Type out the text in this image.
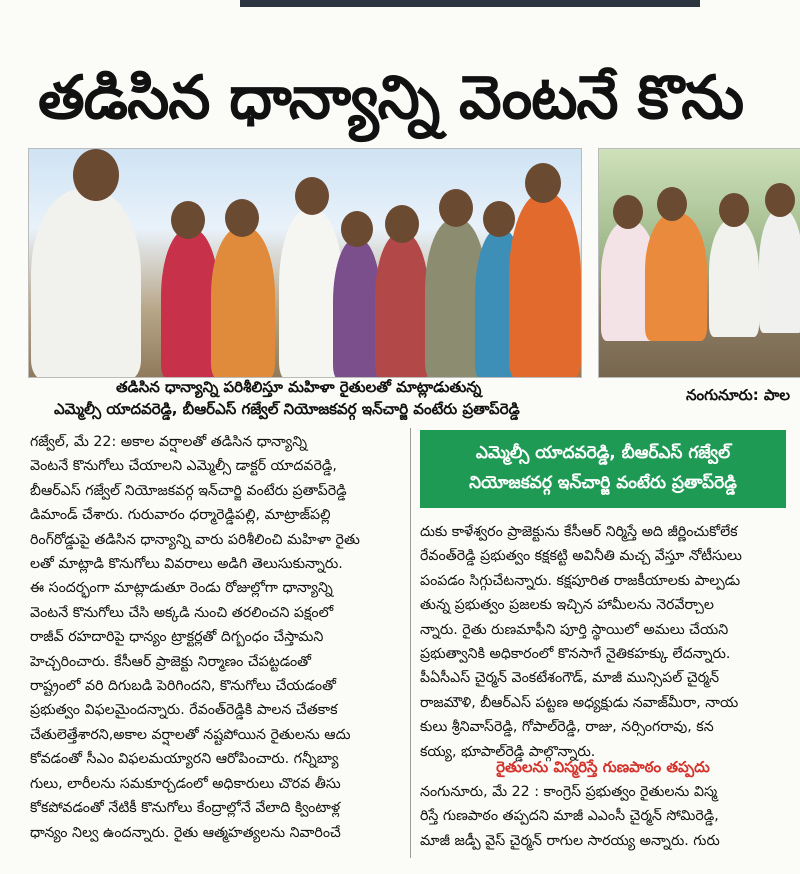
తడిసిన ధాన్యాన్ని వెంటనే కొను
తడిసిన ధాన్యాన్ని పరిశీలిస్తూ మహిళా రైతులతో మాట్లాడుతున్న
ఎమ్మెల్సీ యాదవరెడ్డి, బీఆర్ఎస్ గజ్వేల్ నియోజకవర్గ ఇన్‌చార్జి వంటేరు ప్రతాప్‌రెడ్డి
నంగునూరు: పాల
గజ్వేల్, మే 22: అకాల వర్షాలతో తడిసిన ధాన్యాన్ని
వెంటనే కొనుగోలు చేయాలని ఎమ్మెల్సీ డాక్టర్ యాదవరెడ్డి,
బీఆర్ఎస్ గజ్వేల్ నియోజకవర్గ ఇన్‌చార్జి వంటేరు ప్రతాప్‌రెడ్డి
డిమాండ్ చేశారు. గురువారం ధర్మారెడ్డిపల్లి, మాట్రాజ్‌పల్లి
రింగ్‌రోడ్డుపై తడిసిన ధాన్యాన్ని వారు పరిశీలించి మహిళా రైతు
లతో మాట్లాడి కొనుగోలు వివరాలు అడిగి తెలుసుకున్నారు.
ఈ సందర్భంగా మాట్లాడుతూ రెండు రోజుల్లోగా ధాన్యాన్ని
వెంటనే కొనుగోలు చేసి అక్కడి నుంచి తరలించని పక్షంలో
రాజీవ్ రహదారిపై ధాన్యం ట్రాక్టర్లతో దిగ్బంధం చేస్తామని
హెచ్చరించారు. కేసీఆర్ ప్రాజెక్టు నిర్మాణం చేపట్టడంతో
రాష్ట్రంలో వరి దిగుబడి పెరిగిందని, కొనుగోలు చేయడంతో
ప్రభుత్వం విఫలమైందన్నారు. రేవంత్‌రెడ్డికి పాలన చేతకాక
చేతులెత్తేశారని,అకాల వర్షాలతో నష్టపోయిన రైతులను ఆదు
కోవడంతో సీఎం విఫలమయ్యారని ఆరోపించారు. గన్నీబ్యా
గులు, లారీలను సమకూర్చడంలో అధికారులు చొరవ తీసు
కోకపోవడంతో నేటికీ కొనుగోలు కేంద్రాల్లోనే వేలాది క్వింటాళ్ల
ధాన్యం నిల్వ ఉందన్నారు. రైతు ఆత్మహత్యలను నివారించే
ఎమ్మెల్సీ యాదవరెడ్డి, బీఆర్ఎస్ గజ్వేల్
నియోజకవర్గ ఇన్‌చార్జి వంటేరు ప్రతాప్‌రెడ్డి
దుకు కాళేశ్వరం ప్రాజెక్టును కేసీఆర్ నిర్మిస్తే అది జీర్ణించుకోలేక
రేవంత్‌రెడ్డి ప్రభుత్వం కక్షకట్టి అవినీతి మచ్చ వేస్తూ నోటీసులు
పంపడం సిగ్గుచేటన్నారు. కక్షపూరిత రాజకీయాలకు పాల్పడు
తున్న ప్రభుత్వం ప్రజలకు ఇచ్చిన హామీలను నెరవేర్చాల
న్నారు. రైతు రుణమాఫీని పూర్తి స్థాయిలో అమలు చేయని
ప్రభుత్వానికి అధికారంలో కొనసాగే నైతికహక్కు లేదన్నారు.
పీఏసీఎస్ చైర్మన్ వెంకటేశంగౌడ్, మాజీ మున్సిపల్ చైర్మన్
రాజమౌళి, బీఆర్ఎస్ పట్టణ అధ్యక్షుడు నవాజ్‌మీరా, నాయ
కులు శ్రీనివాస్‌రెడ్డి, గోపాల్‌రెడ్డి, రాజు, నర్సింగరావు, కన
కయ్య, భూపాల్‌రెడ్డి పాల్గొన్నారు.
రైతులను విస్మరిస్తే గుణపాఠం తప్పదు
నంగునూరు, మే 22 : కాంగ్రెస్ ప్రభుత్వం రైతులను విస్మ
రిస్తే గుణపాఠం తప్పదని మాజీ ఎఎంసీ చైర్మన్ సోమిరెడ్డి,
మాజీ జడ్పీ వైస్ చైర్మన్ రాగుల సారయ్య అన్నారు. గురు
